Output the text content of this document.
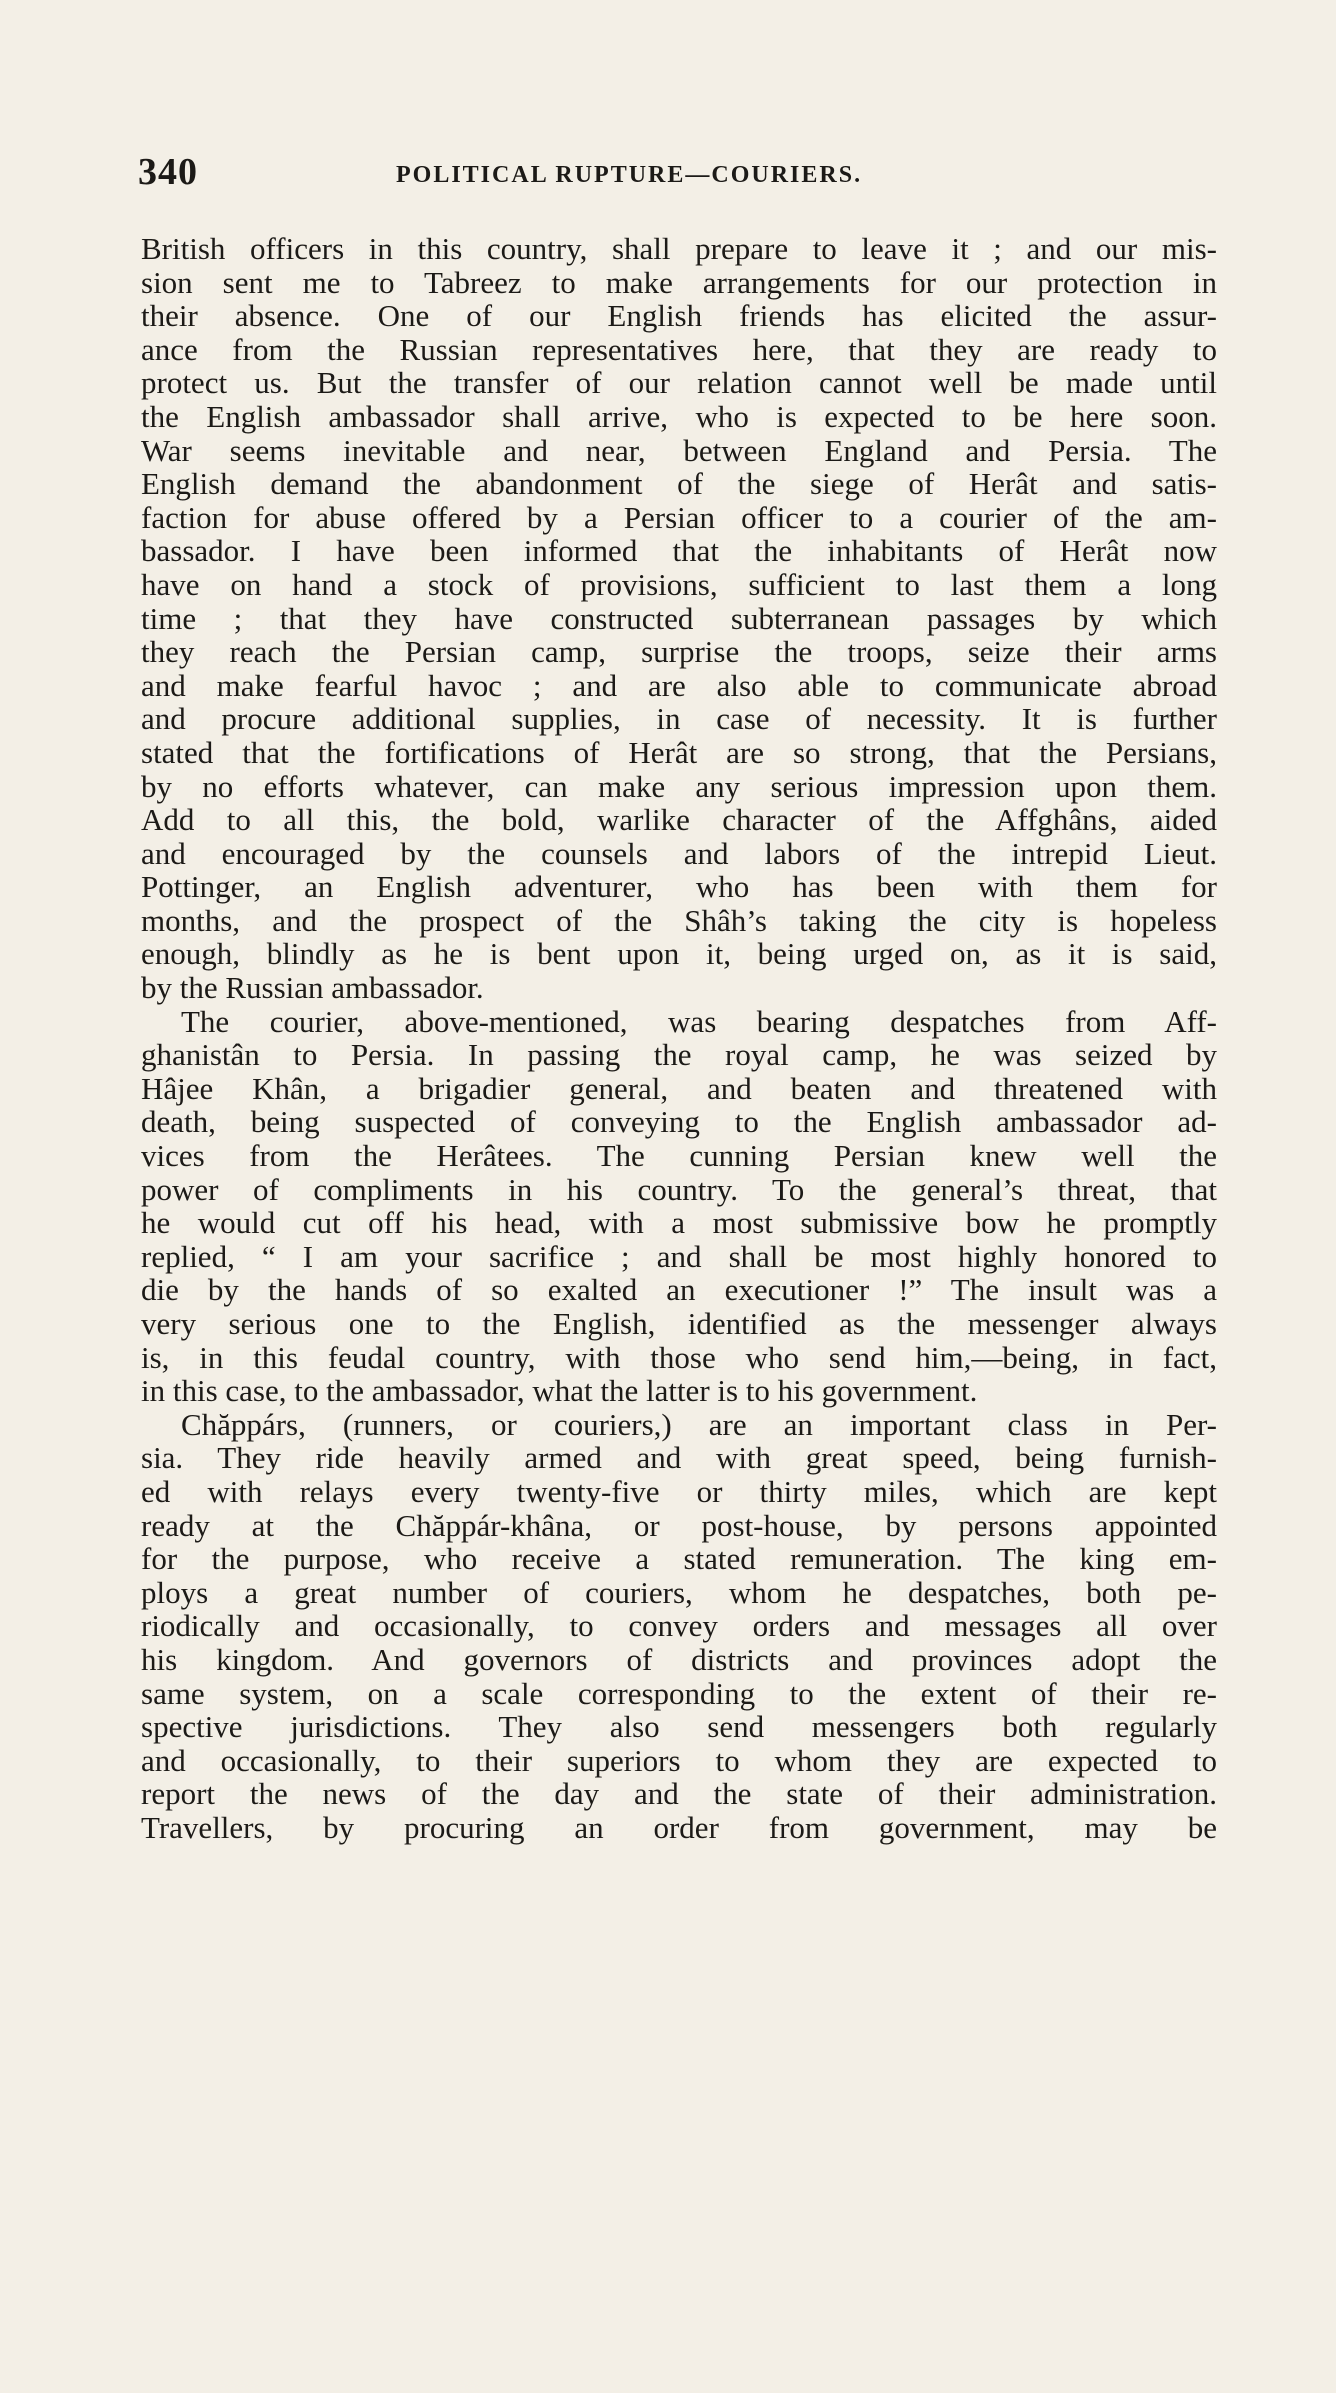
340	POLITICAL RUPTURE—COURIERS.
British officers in this country, shall prepare to leave it ; and our mis-
sion sent me to Tabreez to make arrangements for our protection in
their absence. One of our English friends has elicited the assur-
ance from the Russian representatives here, that they are ready to
protect us. But the transfer of our relation cannot well be made until
the English ambassador shall arrive, who is expected to be here soon.
War seems inevitable and near, between England and Persia. The
English demand the abandonment of the siege of Herât and satis-
faction for abuse offered by a Persian officer to a courier of the am-
bassador. I have been informed that the inhabitants of Herât now
have on hand a stock of provisions, sufficient to last them a long
time ; that they have constructed subterranean passages by which
they reach the Persian camp, surprise the troops, seize their arms
and make fearful havoc ; and are also able to communicate abroad
and procure additional supplies, in case of necessity. It is further
stated that the fortifications of Herât are so strong, that the Persians,
by no efforts whatever, can make any serious impression upon them.
Add to all this, the bold, warlike character of the Affghâns, aided
and encouraged by the counsels and labors of the intrepid Lieut.
Pottinger, an English adventurer, who has been with them for
months, and the prospect of the Shâh’s taking the city is hopeless
enough, blindly as he is bent upon it, being urged on, as it is said,
by the Russian ambassador.
The courier, above-mentioned, was bearing despatches from Aff-
ghanistân to Persia. In passing the royal camp, he was seized by
Hâjee Khân, a brigadier general, and beaten and threatened with
death, being suspected of conveying to the English ambassador ad-
vices from the Herâtees. The cunning Persian knew well the
power of compliments in his country. To the general’s threat, that
he would cut off his head, with a most submissive bow he promptly
replied, “ I am your sacrifice ; and shall be most highly honored to
die by the hands of so exalted an executioner !” The insult was a
very serious one to the English, identified as the messenger always
is, in this feudal country, with those who send him,—being, in fact,
in this case, to the ambassador, what the latter is to his government.
Chăppárs, (runners, or couriers,) are an important class in Per-
sia. They ride heavily armed and with great speed, being furnish-
ed with relays every twenty-five or thirty miles, which are kept
ready at the Chăppár-khâna, or post-house, by persons appointed
for the purpose, who receive a stated remuneration. The king em-
ploys a great number of couriers, whom he despatches, both pe-
riodically and occasionally, to convey orders and messages all over
his kingdom. And governors of districts and provinces adopt the
same system, on a scale corresponding to the extent of their re-
spective jurisdictions. They also send messengers both regularly
and occasionally, to their superiors to whom they are expected to
report the news of the day and the state of their administration.
Travellers, by procuring an order from government, may be
